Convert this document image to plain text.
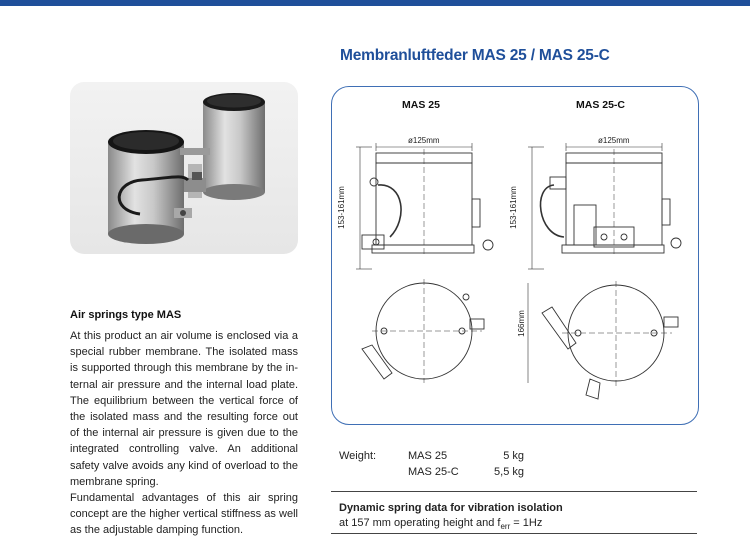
Membranluftfeder MAS 25 / MAS 25-C
Air springs type MAS

At this product an air volume is enclosed via a special rubber membrane. The isolated mass is supported through this membrane by the in-ternal air pressure and the internal load plate. The equilibrium between the vertical force of the isolated mass and the resulting force out of the internal air pressure is given due to the integrated controlling valve. An additional safety valve avoids any kind of overload to the membrane spring.

Fundamental advantages of this air spring concept are the higher vertical stiffness as well as the adjustable damping function.

MAS 25	MAS 25-C
ø125mm	ø125mm
153-161mm	153-161mm
166mm
Weight:	MAS 25	5 kg
MAS 25-C	5,5 kg
Dynamic spring data for vibration isolation
at 157 mm operating height and $f_{err} = 1Hz$
